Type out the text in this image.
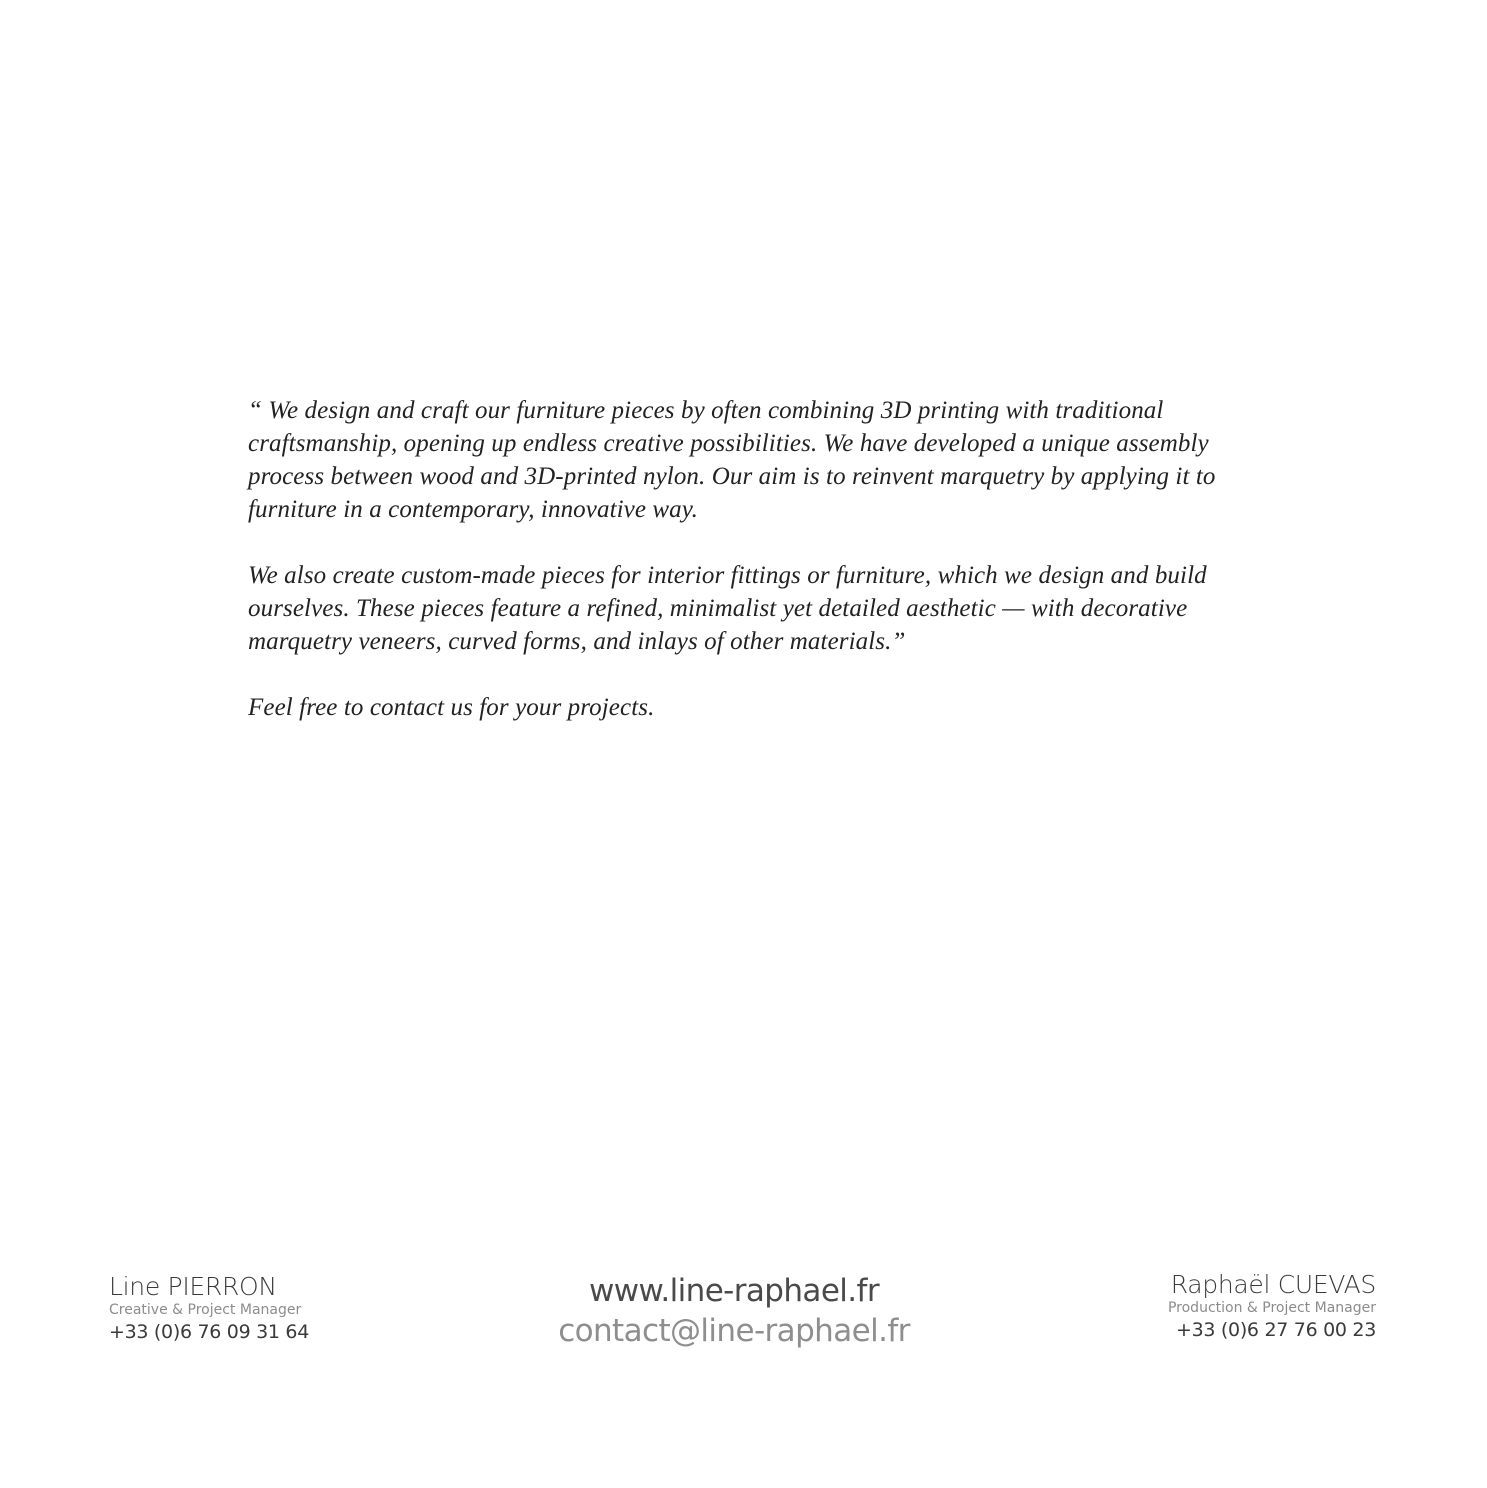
“ We design and craft our furniture pieces by often combining 3D printing with traditional craftsmanship, opening up endless creative possibilities. We have developed a unique assembly process between wood and 3D-printed nylon. Our aim is to reinvent marquetry by applying it to furniture in a contemporary, innovative way.

We also create custom-made pieces for interior fittings or furniture, which we design and build ourselves. These pieces feature a refined, minimalist yet detailed aesthetic — with decorative marquetry veneers, curved forms, and inlays of other materials.”

Feel free to contact us for your projects.

Line PIERRON
Creative & Project Manager
+33 (0)6 76 09 31 64
www.line-raphael.fr
contact@line-raphael.fr
Raphaël CUEVAS
Production & Project Manager
+33 (0)6 27 76 00 23
